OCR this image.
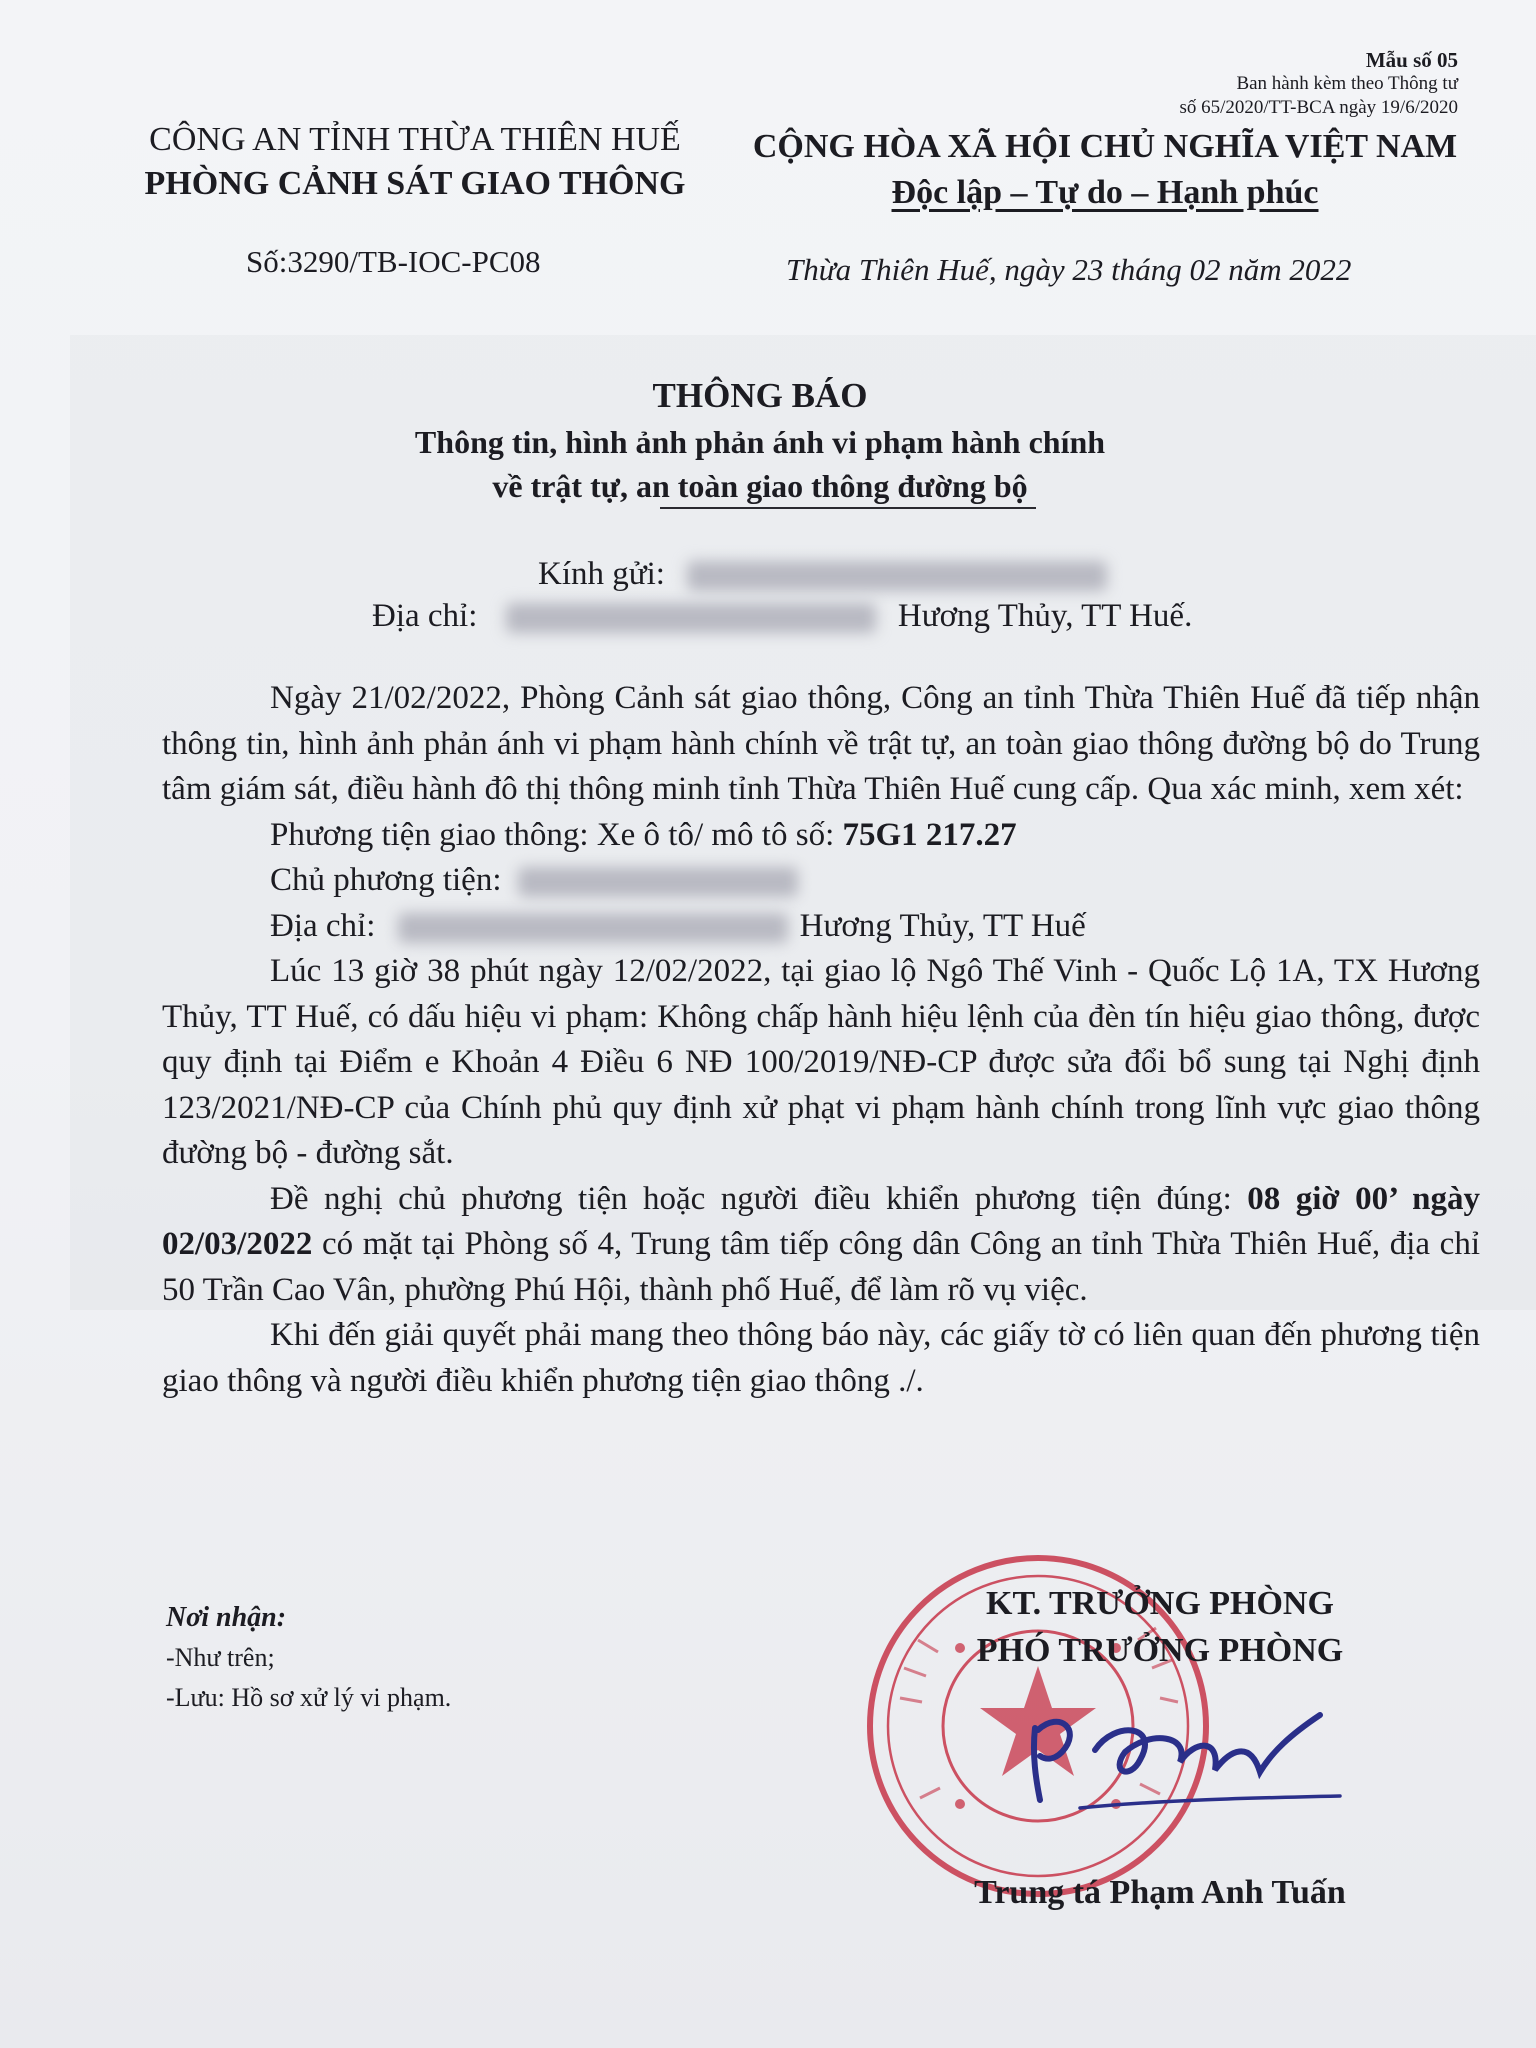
Mẫu số 05
Ban hành kèm theo Thông tư
số 65/2020/TT-BCA ngày 19/6/2020
CÔNG AN TỈNH THỪA THIÊN HUẾ
PHÒNG CẢNH SÁT GIAO THÔNG
Số:3290/TB-IOC-PC08
CỘNG HÒA XÃ HỘI CHỦ NGHĨA VIỆT NAM
Độc lập – Tự do – Hạnh phúc
Thừa Thiên Huế, ngày 23 tháng 02 năm 2022
THÔNG BÁO
Thông tin, hình ảnh phản ánh vi phạm hành chính
về trật tự, an toàn giao thông đường bộ
Kính gửi:
Địa chỉ:	Hương Thủy, TT Huế.

Ngày 21/02/2022, Phòng Cảnh sát giao thông, Công an tỉnh Thừa Thiên Huế đã tiếp nhận thông tin, hình ảnh phản ánh vi phạm hành chính về trật tự, an toàn giao thông đường bộ do Trung tâm giám sát, điều hành đô thị thông minh tỉnh Thừa Thiên Huế cung cấp. Qua xác minh, xem xét:

Phương tiện giao thông: Xe ô tô/ mô tô số: 75G1 217.27

Chủ phương tiện:

Địa chỉ:	Hương Thủy, TT Huế

Lúc 13 giờ 38 phút ngày 12/02/2022, tại giao lộ Ngô Thế Vinh - Quốc Lộ 1A, TX Hương Thủy, TT Huế, có dấu hiệu vi phạm: Không chấp hành hiệu lệnh của đèn tín hiệu giao thông, được quy định tại Điểm e Khoản 4 Điều 6 NĐ 100/2019/NĐ-CP được sửa đổi bổ sung tại Nghị định 123/2021/NĐ-CP của Chính phủ quy định xử phạt vi phạm hành chính trong lĩnh vực giao thông đường bộ - đường sắt.

Đề nghị chủ phương tiện hoặc người điều khiển phương tiện đúng: 08 giờ 00’ ngày 02/03/2022 có mặt tại Phòng số 4, Trung tâm tiếp công dân Công an tỉnh Thừa Thiên Huế, địa chỉ 50 Trần Cao Vân, phường Phú Hội, thành phố Huế, để làm rõ vụ việc.

Khi đến giải quyết phải mang theo thông báo này, các giấy tờ có liên quan đến phương tiện giao thông và người điều khiển phương tiện giao thông ./.

Nơi nhận:
-Như trên;
-Lưu: Hồ sơ xử lý vi phạm.
KT. TRƯỞNG PHÒNG
PHÓ TRƯỞNG PHÒNG
Trung tá Phạm Anh Tuấn
